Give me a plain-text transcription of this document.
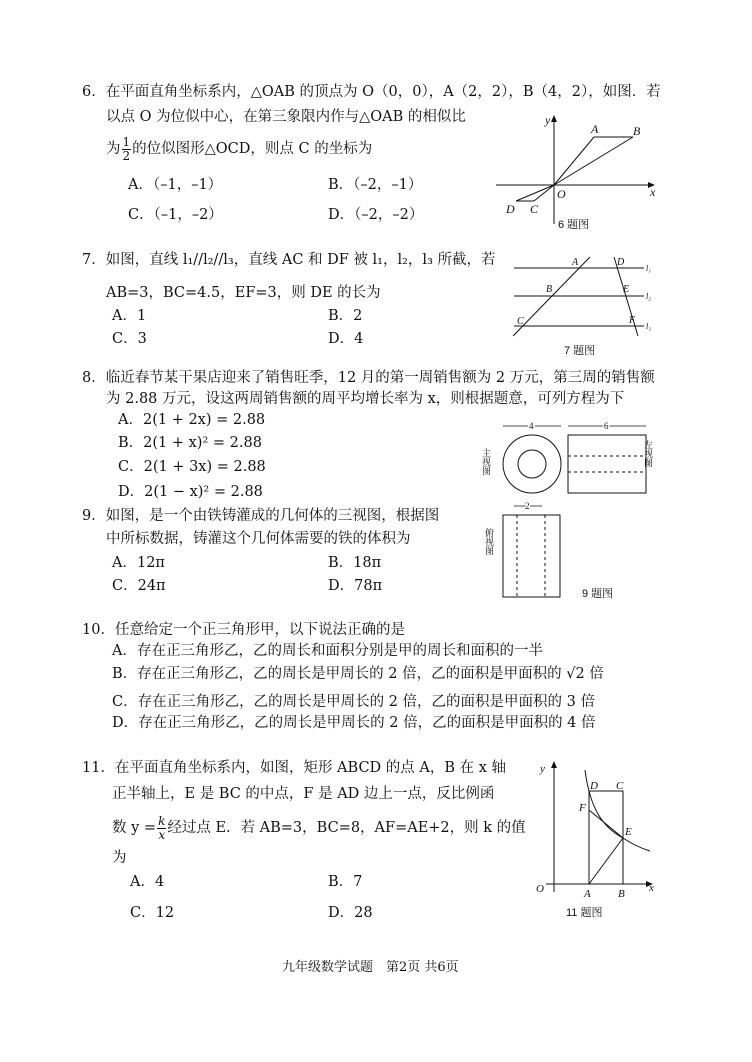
6．在平面直角坐标系内，△OAB 的顶点为 O（0，0），A（2，2），B（4，2），如图．若
以点 O 为位似中心，在第三象限内作与△OAB 的相似比
为 $\frac{1}{2}$ 的位似图形△OCD，则点 C 的坐标为
A．（–1，–1）	B．（–2，–1）
C．（–1，–2）	D．（–2，–2）
y
x
O
A	B
C
D
6 题图
7．如图，直线 l₁//l₂//l₃，直线 AC 和 DF 被 l₁，l₂，l₃ 所截，若
AB=3，BC=4.5，EF=3，则 DE 的长为
A．1	B．2
C．3	D．4
A
B
C
D
E
F
l₁
l₂
l₃
7 题图
8．临近春节某干果店迎来了销售旺季，12 月的第一周销售额为 2 万元，第三周的销售额
为 2.88 万元，设这两周销售额的周平均增长率为 x，则根据题意，可列方程为下
A．2(1 + 2x) = 2.88
B．2(1 + x)² = 2.88
C．2(1 + 3x) = 2.88
D．2(1 − x)² = 2.88
9．如图，是一个由铁铸灌成的几何体的三视图，根据图
中所标数据，铸灌这个几何体需要的铁的体积为
A．12π	B．18π
C．24π	D．78π
4
主视图
6
左视图
2
俯视图
9 题图
10．任意给定一个正三角形甲，以下说法正确的是
A．存在正三角形乙，乙的周长和面积分别是甲的周长和面积的一半
B．存在正三角形乙，乙的周长是甲周长的 2 倍，乙的面积是甲面积的 √2 倍
C．存在正三角形乙，乙的周长是甲周长的 2 倍，乙的面积是甲面积的 3 倍
D．存在正三角形乙，乙的周长是甲周长的 2 倍，乙的面积是甲面积的 4 倍
11．在平面直角坐标系内，如图，矩形 ABCD 的点 A，B 在 x 轴
正半轴上，E 是 BC 的中点，F 是 AD 边上一点，反比例函
数 $y = \frac{k}{x}$ 经过点 E．若 AB=3，BC=8，AF=AE+2，则 k 的值
为
A．4	B．7
C．12	D．28
y
x
O	A B
C
D
E
F
11 题图
九年级数学试题　第2页 共6页
